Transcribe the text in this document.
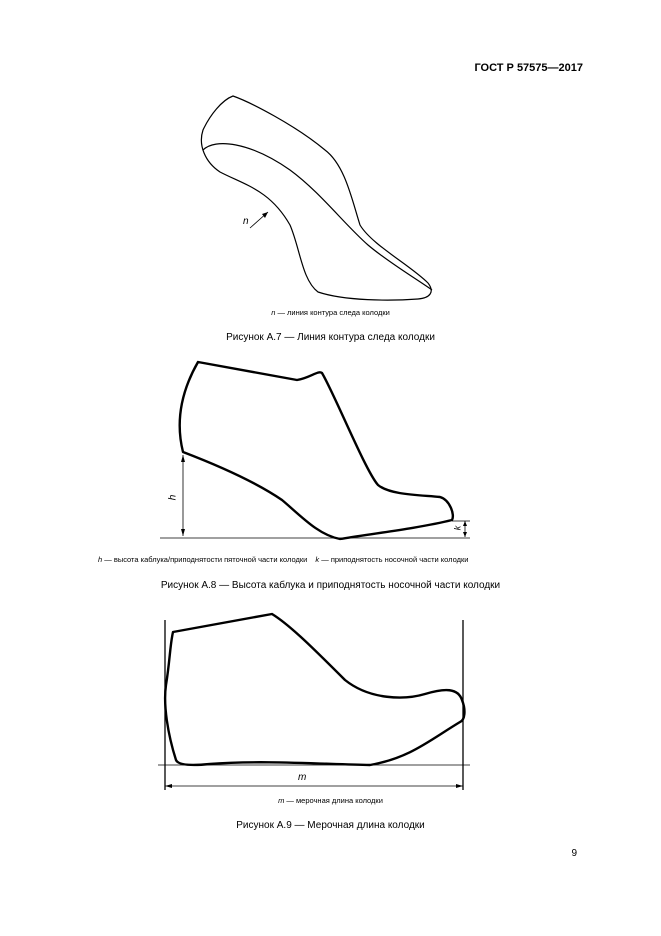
ГОСТ Р 57575—2017
n
n — линия контура следа колодки
Рисунок А.7 — Линия контура следа колодки
h
k
h — высота каблука/приподнятости пяточной части колодки k — приподнятость носочной части колодки
Рисунок А.8 — Высота каблука и приподнятость носочной части колодки
m
m — мерочная длина колодки
Рисунок А.9 — Мерочная длина колодки
9
